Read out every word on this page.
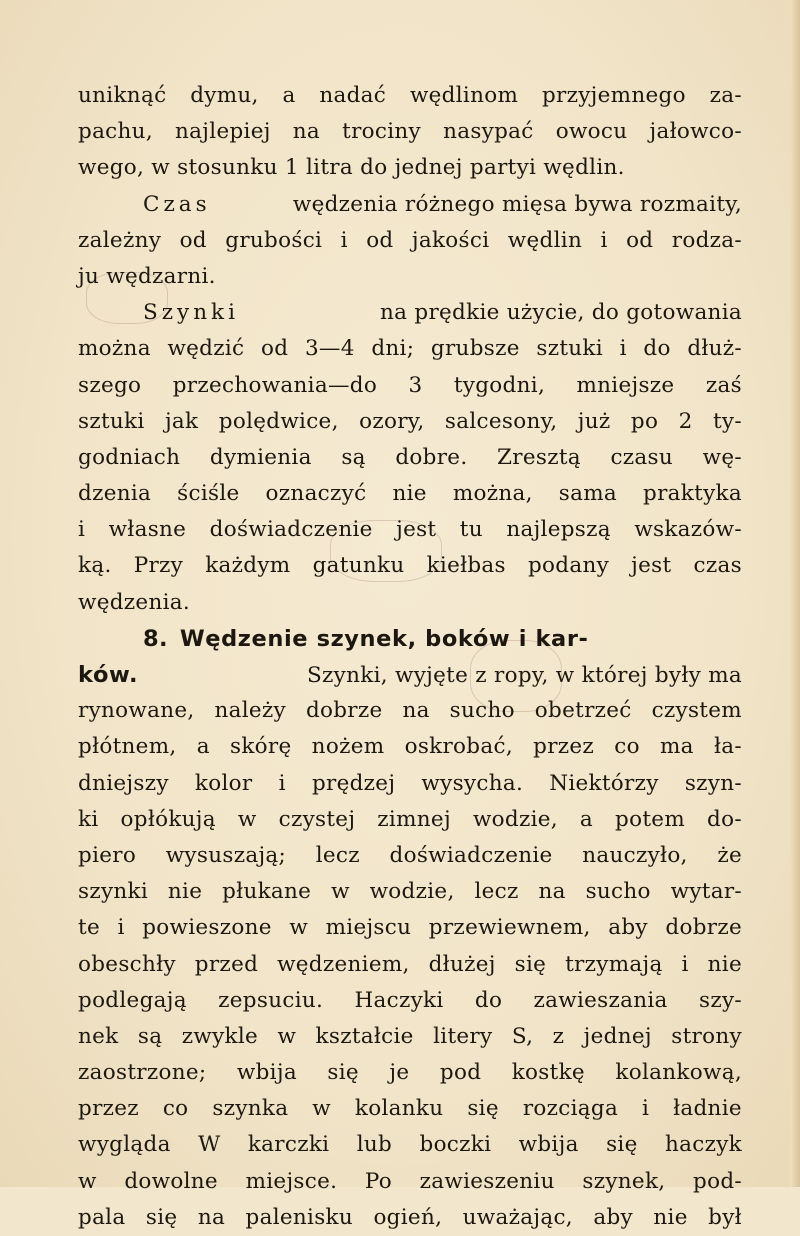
uniknąć dymu, a nadać wędlinom przyjemnego za-
pachu, najlepiej na trociny nasypać owocu jałowco-
wego, w stosunku 1 litra do jednej partyi wędlin.
Czas	wędzenia różnego mięsa bywa rozmaity,
zależny od grubości i od jakości wędlin i od rodza-
ju wędzarni.
Szynki	na prędkie użycie, do gotowania
można wędzić od 3—4 dni; grubsze sztuki i do dłuż-
szego przechowania—do 3 tygodni, mniejsze zaś
sztuki jak polędwice, ozory, salcesony, już po 2 ty-
godniach dymienia są dobre. Zresztą czasu wę-
dzenia ściśle oznaczyć nie można, sama praktyka
i własne doświadczenie jest tu najlepszą wskazów-
ką. Przy każdym gatunku kiełbas podany jest czas
wędzenia.
8. Wędzenie szynek, boków i kar-
ków.	Szynki, wyjęte z ropy, w której były ma
rynowane, należy dobrze na sucho obetrzeć czystem
płótnem, a skórę nożem oskrobać, przez co ma ła-
dniejszy kolor i prędzej wysycha. Niektórzy szyn-
ki opłókują w czystej zimnej wodzie, a potem do-
piero wysuszają; lecz doświadczenie nauczyło, że
szynki nie płukane w wodzie, lecz na sucho wytar-
te i powieszone w miejscu przewiewnem, aby dobrze
obeschły przed wędzeniem, dłużej się trzymają i nie
podlegają zepsuciu. Haczyki do zawieszania szy-
nek są zwykle w kształcie litery S, z jednej strony
zaostrzone; wbija się je pod kostkę kolankową,
przez co szynka w kolanku się rozciąga i ładnie
wygląda W karczki lub boczki wbija się haczyk
w dowolne miejsce. Po zawieszeniu szynek, pod-
pala się na palenisku ogień, uważając, aby nie był
